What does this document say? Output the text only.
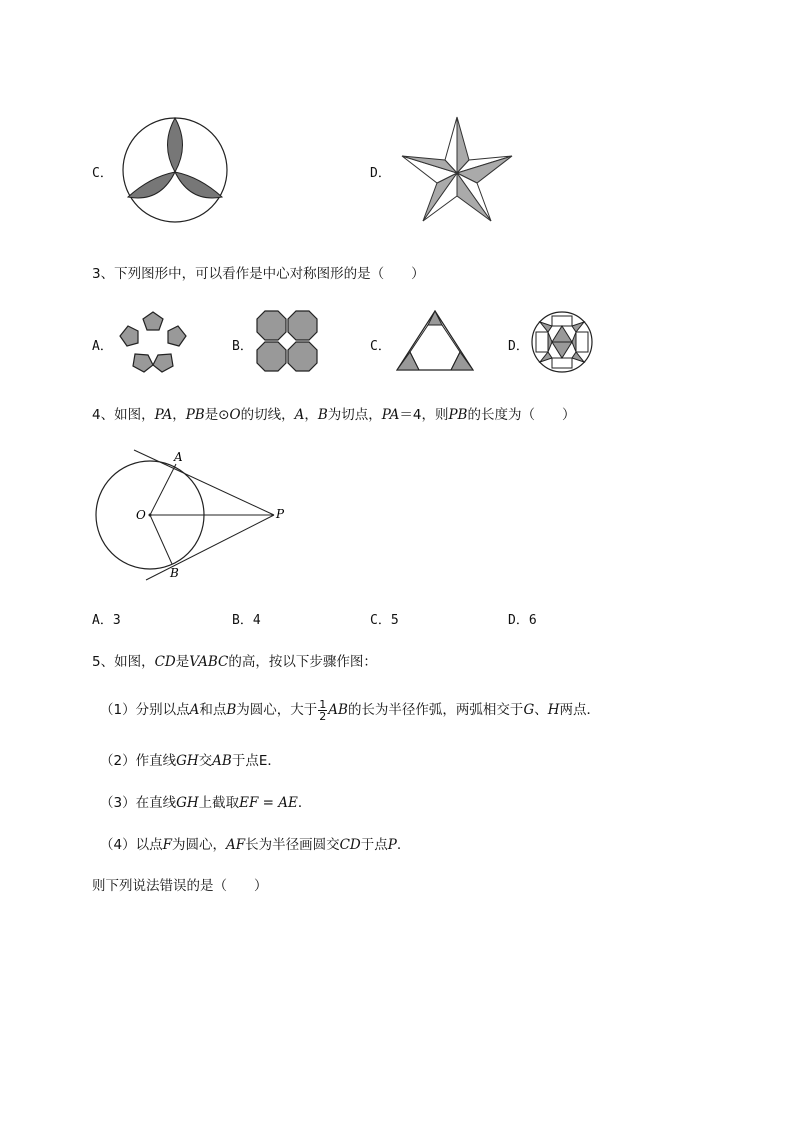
C．	D．
3、下列图形中，可以看作是中心对称图形的是（　　）
A．	B．	C．	D．
4、如图，PA，PB是⊙O的切线，A，B为切点，PA＝4，则PB的长度为（　　）
A
O	P
B
A．3	B．4	C．5	D．6
5、如图，CD是VABC的高，按以下步骤作图：
（1）分别以点A和点B为圆心，大于 $\frac{1}{2}$ AB的长为半径作弧，两弧相交于G、H两点．
（2）作直线GH交AB于点E．
（3）在直线GH上截取EF = AE．
（4）以点F为圆心，AF长为半径画圆交CD于点P.
则下列说法错误的是（　　）
